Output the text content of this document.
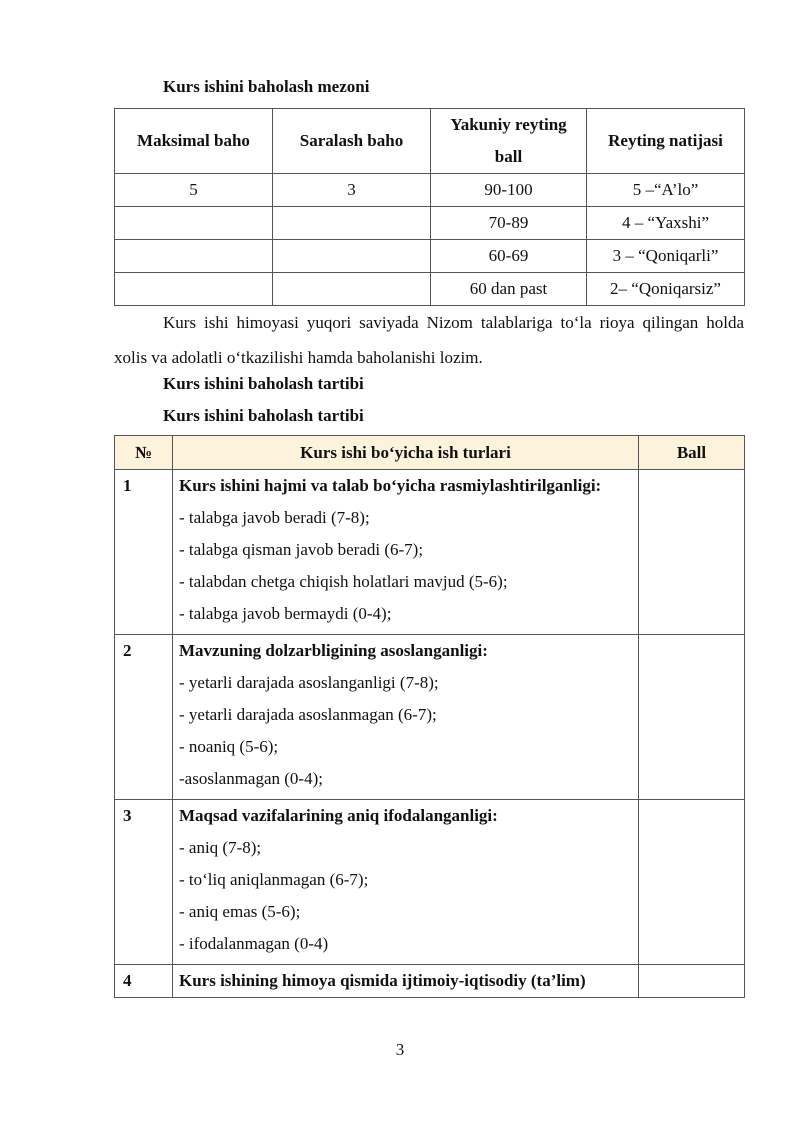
Kurs ishini baholash mezoni
Maksimal baho	Saralash baho	Yakuniy reyting ball	Reyting natijasi
5	3	90-100	5 –“A’lo”
		70-89	4 – “Yaxshi”
		60-69	3 – “Qoniqarli”
		60 dan past	2– “Qoniqarsiz”

Kurs ishi himoyasi yuqori saviyada Nizom talablariga to‘la rioya qilingan holda xolis va adolatli o‘tkazilishi hamda baholanishi lozim.

Kurs ishini baholash tartibi
Kurs ishini baholash tartibi
№	Kurs ishi bo‘yicha ish turlari	Ball
1	Kurs ishini hajmi va talab bo‘yicha rasmiylashtirilganligi:
- talabga javob beradi (7-8);
- talabga qisman javob beradi (6-7);
- talabdan chetga chiqish holatlari mavjud (5-6);
- talabga javob bermaydi (0-4);	

2	Mavzuning dolzarbligining asoslanganligi:
- yetarli darajada asoslanganligi (7-8);
- yetarli darajada asoslanmagan (6-7);
- noaniq (5-6);
-asoslanmagan (0-4);	

3	Maqsad vazifalarining aniq ifodalanganligi:
- aniq (7-8);
- to‘liq aniqlanmagan (6-7);
- aniq emas (5-6);
- ifodalanmagan (0-4)	

4	Kurs ishining himoya qismida ijtimoiy-iqtisodiy (ta’lim)	

3
